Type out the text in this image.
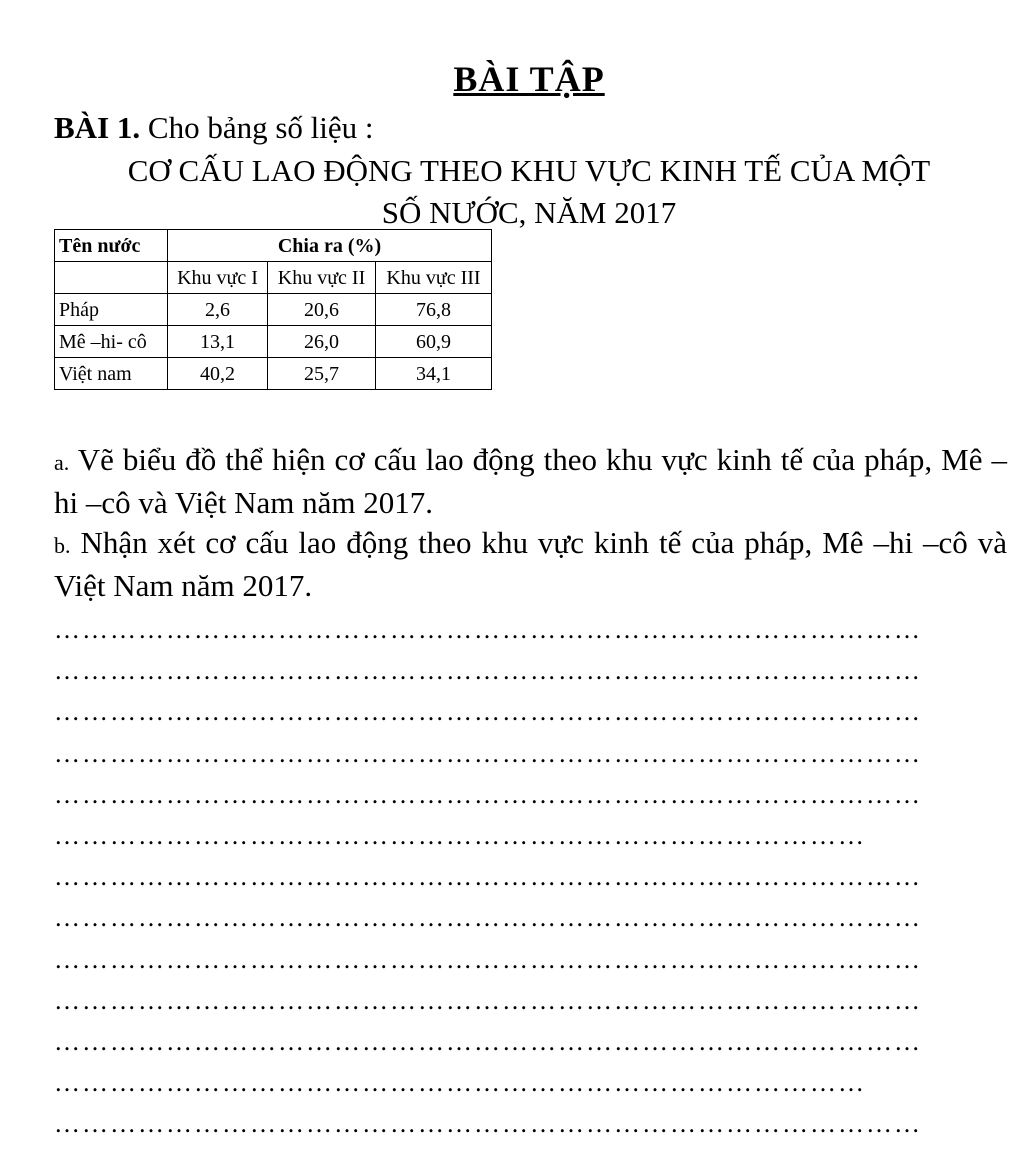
BÀI TẬP

BÀI 1. Cho bảng số liệu :

CƠ CẤU LAO ĐỘNG THEO KHU VỰC KINH TẾ CỦA MỘT
SỐ NƯỚC, NĂM 2017
Tên nước	Chia ra (%)		
	Khu vực I	Khu vực II	Khu vực III
Pháp	2,6	20,6	76,8
Mê –hi- cô	13,1	26,0	60,9
Việt nam	40,2	25,7	34,1

a. Vẽ biểu đồ thể hiện cơ cấu lao động theo khu vực kinh tế của pháp, Mê –hi –cô và Việt Nam năm 2017.

b. Nhận xét cơ cấu lao động theo khu vực kinh tế của pháp, Mê –hi –cô và Việt Nam năm 2017.

…………………………………………………………………………………
…………………………………………………………………………………
…………………………………………………………………………………
…………………………………………………………………………………
…………………………………………………………………………………
……………………………………………………………………………
…………………………………………………………………………………
…………………………………………………………………………………
…………………………………………………………………………………
…………………………………………………………………………………
…………………………………………………………………………………
……………………………………………………………………………
…………………………………………………………………………………
